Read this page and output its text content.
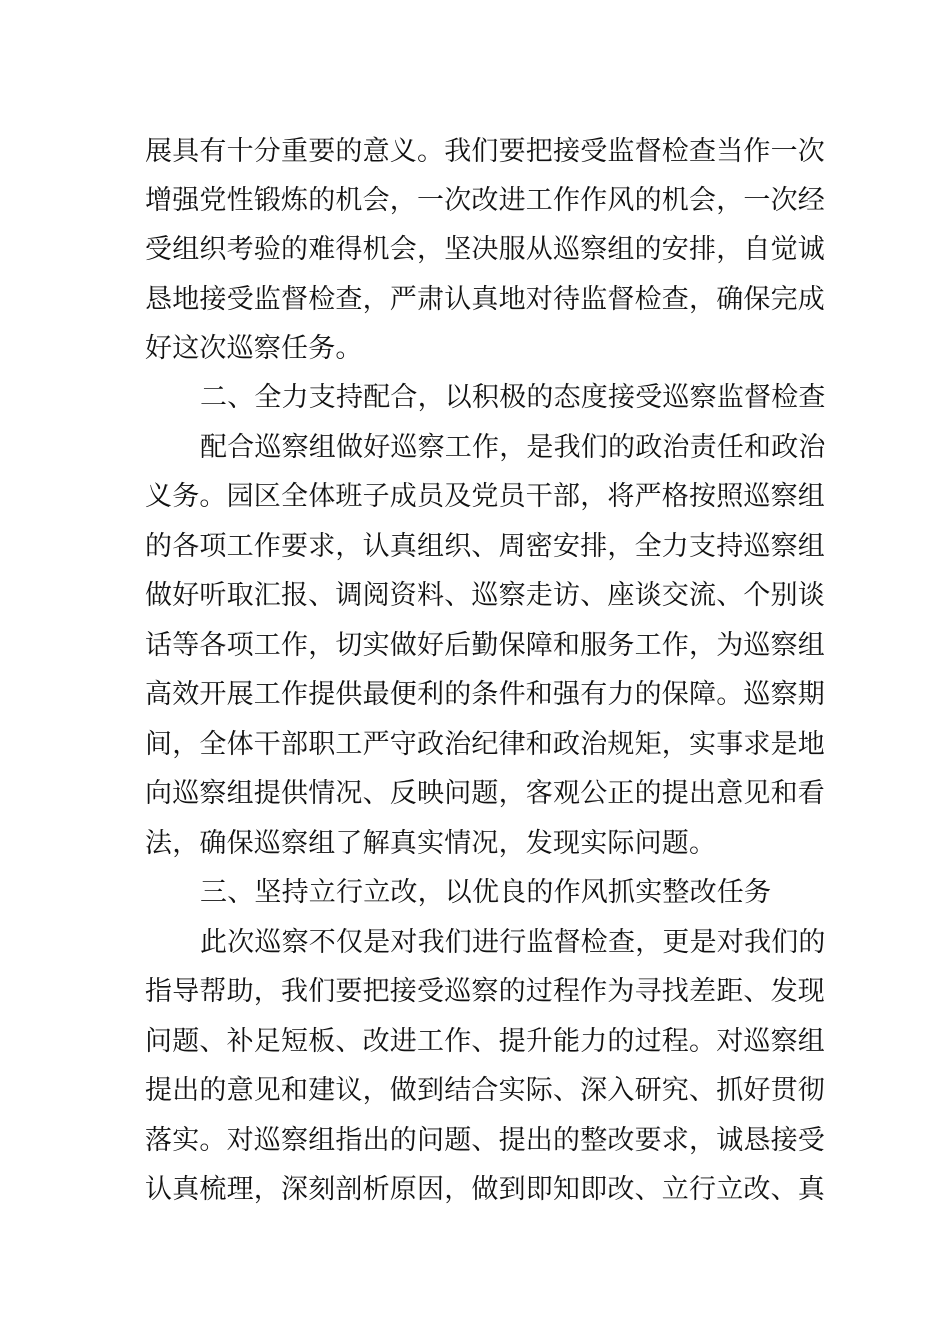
展具有十分重要的意义。我们要把接受监督检查当作一次
增强党性锻炼的机会，一次改进工作作风的机会，一次经
受组织考验的难得机会，坚决服从巡察组的安排，自觉诚
恳地接受监督检查，严肃认真地对待监督检查，确保完成
好这次巡察任务。
二、全力支持配合，以积极的态度接受巡察监督检查
配合巡察组做好巡察工作，是我们的政治责任和政治
义务。园区全体班子成员及党员干部，将严格按照巡察组
的各项工作要求，认真组织、周密安排，全力支持巡察组
做好听取汇报、调阅资料、巡察走访、座谈交流、个别谈
话等各项工作，切实做好后勤保障和服务工作，为巡察组
高效开展工作提供最便利的条件和强有力的保障。巡察期
间，全体干部职工严守政治纪律和政治规矩，实事求是地
向巡察组提供情况、反映问题，客观公正的提出意见和看
法，确保巡察组了解真实情况，发现实际问题。
三、坚持立行立改，以优良的作风抓实整改任务
此次巡察不仅是对我们进行监督检查，更是对我们的
指导帮助，我们要把接受巡察的过程作为寻找差距、发现
问题、补足短板、改进工作、提升能力的过程。对巡察组
提出的意见和建议，做到结合实际、深入研究、抓好贯彻
落实。对巡察组指出的问题、提出的整改要求，诚恳接受
认真梳理，深刻剖析原因，做到即知即改、立行立改、真
